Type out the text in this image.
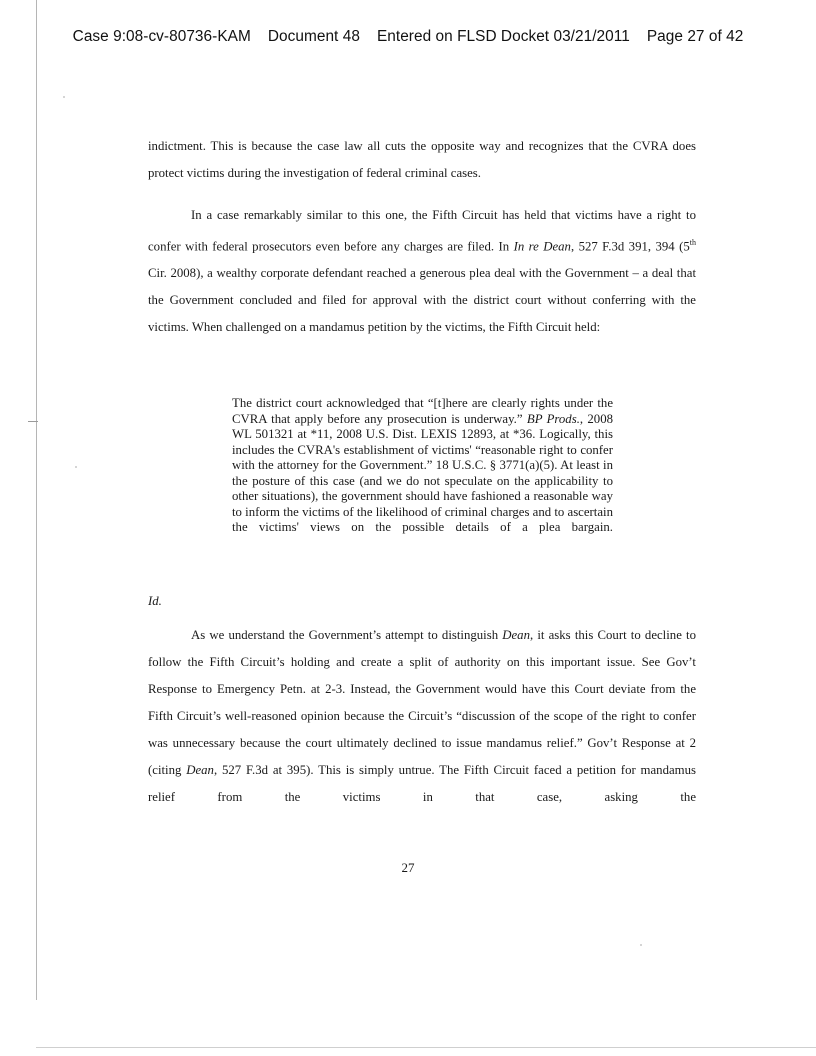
Case 9:08-cv-80736-KAM Document 48 Entered on FLSD Docket 03/21/2011 Page 27 of 42

indictment. This is because the case law all cuts the opposite way and recognizes that the CVRA does protect victims during the investigation of federal criminal cases.

In a case remarkably similar to this one, the Fifth Circuit has held that victims have a right to confer with federal prosecutors even before any charges are filed. In In re Dean, 527 F.3d 391, 394 (5th Cir. 2008), a wealthy corporate defendant reached a generous plea deal with the Government – a deal that the Government concluded and filed for approval with the district court without conferring with the victims. When challenged on a mandamus petition by the victims, the Fifth Circuit held:

The district court acknowledged that “[t]here are clearly rights under the CVRA that apply before any prosecution is underway.” BP Prods., 2008 WL 501321 at *11, 2008 U.S. Dist. LEXIS 12893, at *36. Logically, this includes the CVRA's establishment of victims' “reasonable right to confer with the attorney for the Government.” 18 U.S.C. § 3771(a)(5). At least in the posture of this case (and we do not speculate on the applicability to other situations), the government should have fashioned a reasonable way to inform the victims of the likelihood of criminal charges and to ascertain the victims' views on the possible details of a plea bargain.

Id.

As we understand the Government’s attempt to distinguish Dean, it asks this Court to decline to follow the Fifth Circuit’s holding and create a split of authority on this important issue. See Gov’t Response to Emergency Petn. at 2-3. Instead, the Government would have this Court deviate from the Fifth Circuit’s well-reasoned opinion because the Circuit’s “discussion of the scope of the right to confer was unnecessary because the court ultimately declined to issue mandamus relief.” Gov’t Response at 2 (citing Dean, 527 F.3d at 395). This is simply untrue. The Fifth Circuit faced a petition for mandamus relief from the victims in that case, asking the

27
